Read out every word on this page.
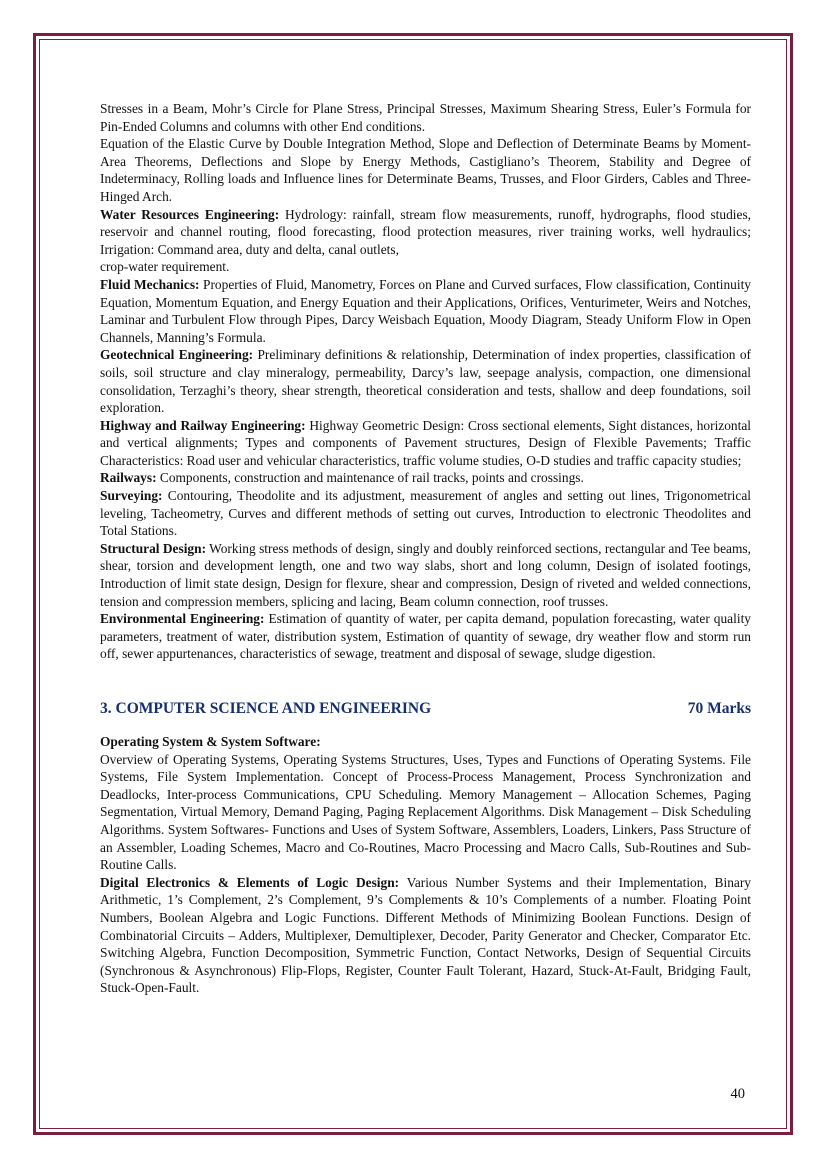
Stresses in a Beam, Mohr’s Circle for Plane Stress, Principal Stresses, Maximum Shearing Stress, Euler’s Formula for Pin-Ended Columns and columns with other End conditions.

Equation of the Elastic Curve by Double Integration Method, Slope and Deflection of Determinate Beams by Moment-Area Theorems, Deflections and Slope by Energy Methods, Castigliano’s Theorem, Stability and Degree of Indeterminacy, Rolling loads and Influence lines for Determinate Beams, Trusses, and Floor Girders, Cables and Three-Hinged Arch.

Water Resources Engineering: Hydrology: rainfall, stream flow measurements, runoff, hydrographs, flood studies, reservoir and channel routing, flood forecasting, flood protection measures, river training works, well hydraulics; Irrigation: Command area, duty and delta, canal outlets,

crop-water requirement.

Fluid Mechanics: Properties of Fluid, Manometry, Forces on Plane and Curved surfaces, Flow classification, Continuity Equation, Momentum Equation, and Energy Equation and their Applications, Orifices, Venturimeter, Weirs and Notches, Laminar and Turbulent Flow through Pipes, Darcy Weisbach Equation, Moody Diagram, Steady Uniform Flow in Open Channels, Manning’s Formula.

Geotechnical Engineering: Preliminary definitions & relationship, Determination of index properties, classification of soils, soil structure and clay mineralogy, permeability, Darcy’s law, seepage analysis, compaction, one dimensional consolidation, Terzaghi’s theory, shear strength, theoretical consideration and tests, shallow and deep foundations, soil exploration.

Highway and Railway Engineering: Highway Geometric Design: Cross sectional elements, Sight distances, horizontal and vertical alignments; Types and components of Pavement structures, Design of Flexible Pavements; Traffic Characteristics: Road user and vehicular characteristics, traffic volume studies, O-D studies and traffic capacity studies;

Railways: Components, construction and maintenance of rail tracks, points and crossings.

Surveying: Contouring, Theodolite and its adjustment, measurement of angles and setting out lines, Trigonometrical leveling, Tacheometry, Curves and different methods of setting out curves, Introduction to electronic Theodolites and Total Stations.

Structural Design: Working stress methods of design, singly and doubly reinforced sections, rectangular and Tee beams, shear, torsion and development length, one and two way slabs, short and long column, Design of isolated footings, Introduction of limit state design, Design for flexure, shear and compression, Design of riveted and welded connections, tension and compression members, splicing and lacing, Beam column connection, roof trusses.

Environmental Engineering: Estimation of quantity of water, per capita demand, population forecasting, water quality parameters, treatment of water, distribution system, Estimation of quantity of sewage, dry weather flow and storm run off, sewer appurtenances, characteristics of sewage, treatment and disposal of sewage, sludge digestion.

3. COMPUTER SCIENCE AND ENGINEERING	70 Marks

Operating System & System Software:

Overview of Operating Systems, Operating Systems Structures, Uses, Types and Functions of Operating Systems. File Systems, File System Implementation. Concept of Process-Process Management, Process Synchronization and Deadlocks, Inter-process Communications, CPU Scheduling. Memory Management – Allocation Schemes, Paging Segmentation, Virtual Memory, Demand Paging, Paging Replacement Algorithms. Disk Management – Disk Scheduling Algorithms. System Softwares- Functions and Uses of System Software, Assemblers, Loaders, Linkers, Pass Structure of an Assembler, Loading Schemes, Macro and Co-Routines, Macro Processing and Macro Calls, Sub-Routines and Sub-Routine Calls.

Digital Electronics & Elements of Logic Design: Various Number Systems and their Implementation, Binary Arithmetic, 1’s Complement, 2’s Complement, 9’s Complements & 10’s Complements of a number. Floating Point Numbers, Boolean Algebra and Logic Functions. Different Methods of Minimizing Boolean Functions. Design of Combinatorial Circuits – Adders, Multiplexer, Demultiplexer, Decoder, Parity Generator and Checker, Comparator Etc. Switching Algebra, Function Decomposition, Symmetric Function, Contact Networks, Design of Sequential Circuits (Synchronous & Asynchronous) Flip-Flops, Register, Counter Fault Tolerant, Hazard, Stuck-At-Fault, Bridging Fault, Stuck-Open-Fault.

40
